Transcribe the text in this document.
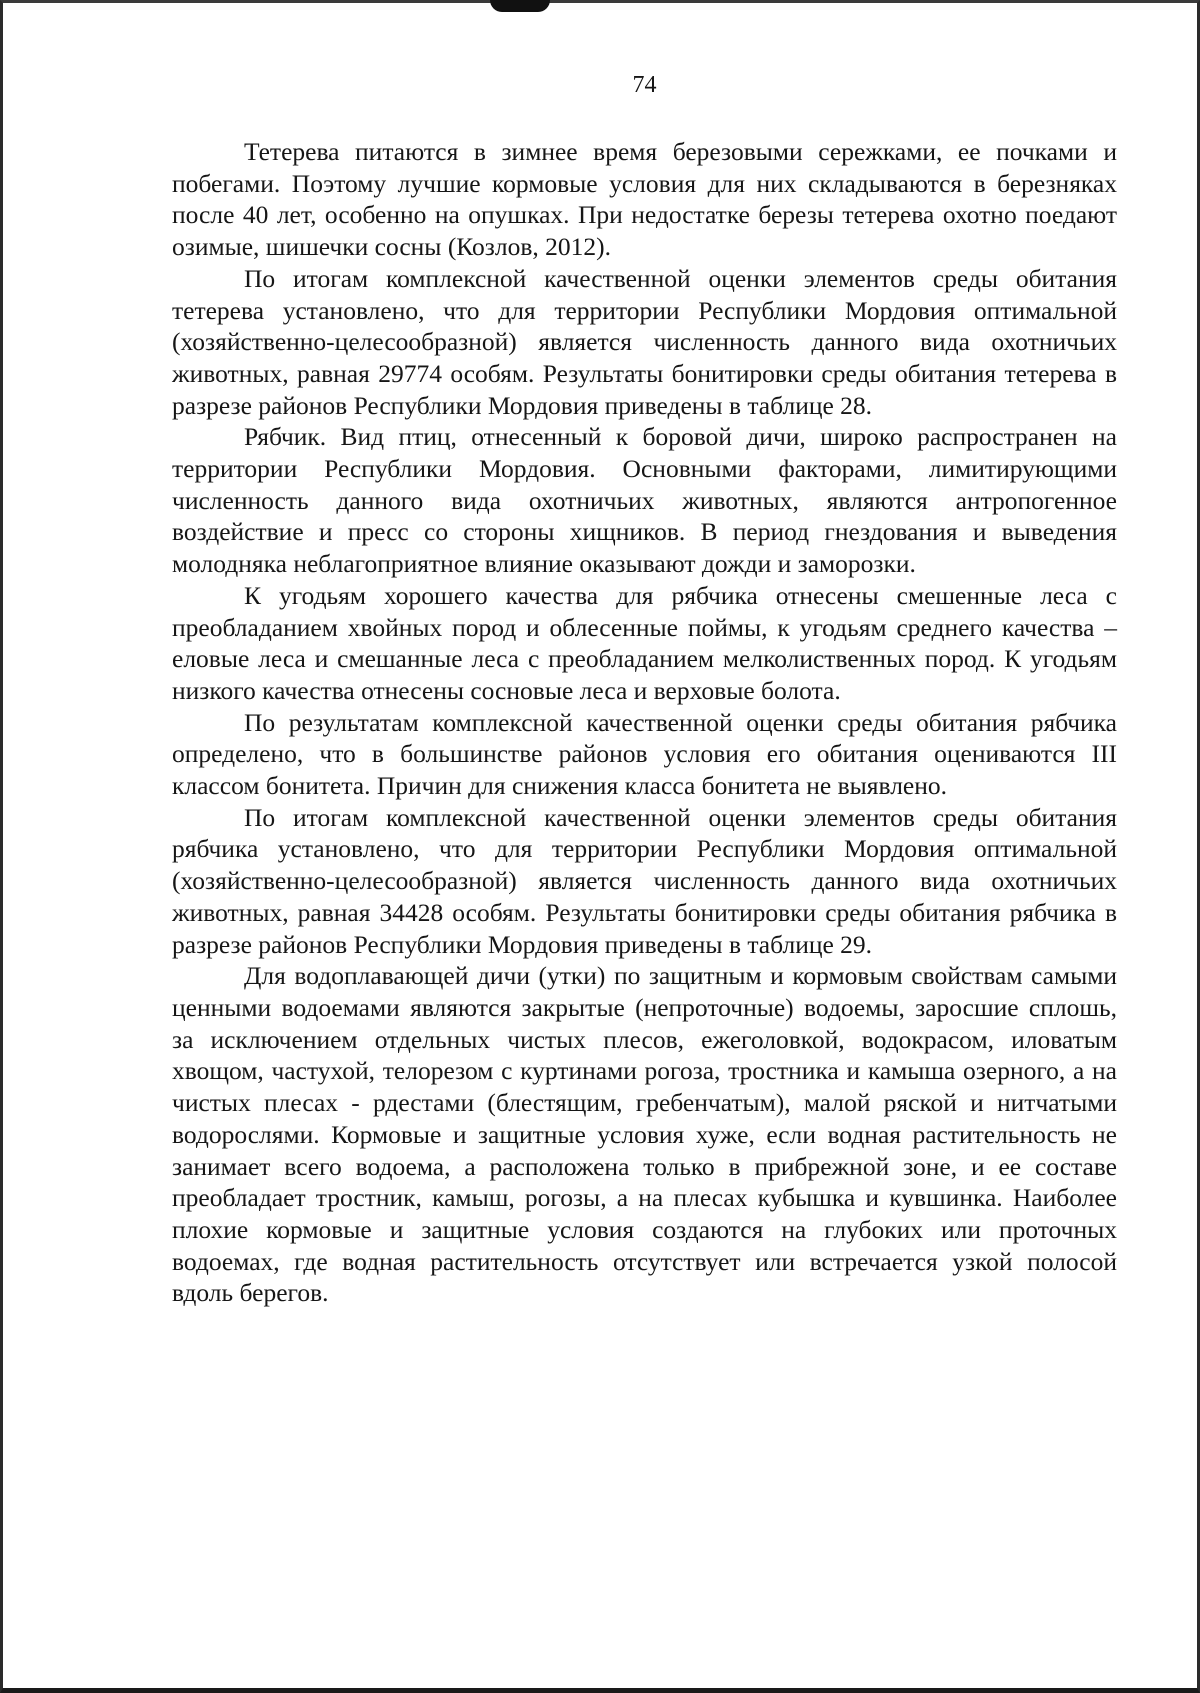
74

Тетерева питаются в зимнее время березовыми сережками, ее почками и побегами. Поэтому лучшие кормовые условия для них складываются в березняках после 40 лет, особенно на опушках. При недостатке березы тетерева охотно поедают озимые, шишечки сосны (Козлов, 2012).

По итогам комплексной качественной оценки элементов среды обитания тетерева установлено, что для территории Республики Мордовия оптимальной (хозяйственно-целесообразной) является численность данного вида охотничьих животных, равная 29774 особям. Результаты бонитировки среды обитания тетерева в разрезе районов Республики Мордовия приведены в таблице 28.

Рябчик. Вид птиц, отнесенный к боровой дичи, широко распространен на территории Республики Мордовия. Основными факторами, лимитирующими численность данного вида охотничьих животных, являются антропогенное воздействие и пресс со стороны хищников. В период гнездования и выведения молодняка неблагоприятное влияние оказывают дожди и заморозки.

К угодьям хорошего качества для рябчика отнесены смешенные леса с преобладанием хвойных пород и облесенные поймы, к угодьям среднего качества – еловые леса и смешанные леса с преобладанием мелколиственных пород. К угодьям низкого качества отнесены сосновые леса и верховые болота.

По результатам комплексной качественной оценки среды обитания рябчика определено, что в большинстве районов условия его обитания оцениваются III классом бонитета. Причин для снижения класса бонитета не выявлено.

По итогам комплексной качественной оценки элементов среды обитания рябчика установлено, что для территории Республики Мордовия оптимальной (хозяйственно-целесообразной) является численность данного вида охотничьих животных, равная 34428 особям. Результаты бонитировки среды обитания рябчика в разрезе районов Республики Мордовия приведены в таблице 29.

Для водоплавающей дичи (утки) по защитным и кормовым свойствам самыми ценными водоемами являются закрытые (непроточные) водоемы, заросшие сплошь, за исключением отдельных чистых плесов, ежеголовкой, водокрасом, иловатым хвощом, частухой, телорезом с куртинами рогоза, тростника и камыша озерного, а на чистых плесах - рдестами (блестящим, гребенчатым), малой ряской и нитчатыми водорослями. Кормовые и защитные условия хуже, если водная растительность не занимает всего водоема, а расположена только в прибрежной зоне, и ее составе преобладает тростник, камыш, рогозы, а на плесах кубышка и кувшинка. Наиболее плохие кормовые и защитные условия создаются на глубоких или проточных водоемах, где водная растительность отсутствует или встречается узкой полосой вдоль берегов.
